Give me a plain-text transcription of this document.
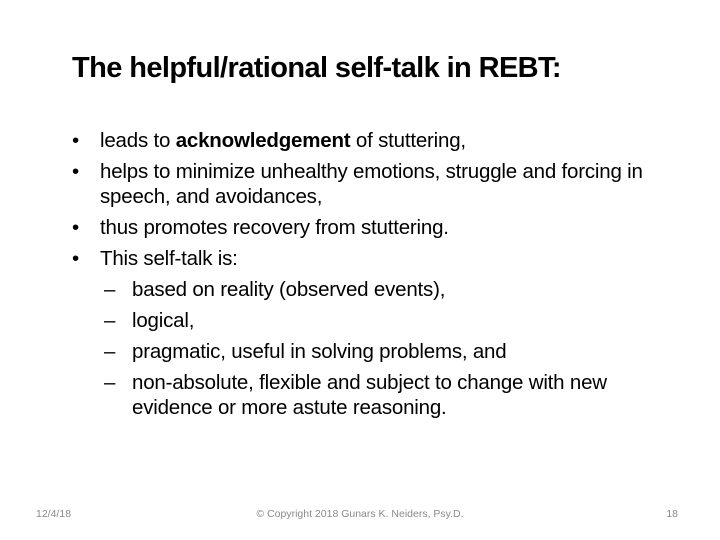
The helpful/rational self-talk in REBT:
•	leads to acknowledgement of stuttering,
•	helps to minimize unhealthy emotions, struggle and forcing in speech, and avoidances,
•	thus promotes recovery from stuttering.
•	This self-talk is:
– based on reality (observed events),
– logical,
– pragmatic, useful in solving problems, and
– non-absolute, flexible and subject to change with new evidence or more astute reasoning.
12/4/18	© Copyright 2018 Gunars K. Neiders, Psy.D.	18
